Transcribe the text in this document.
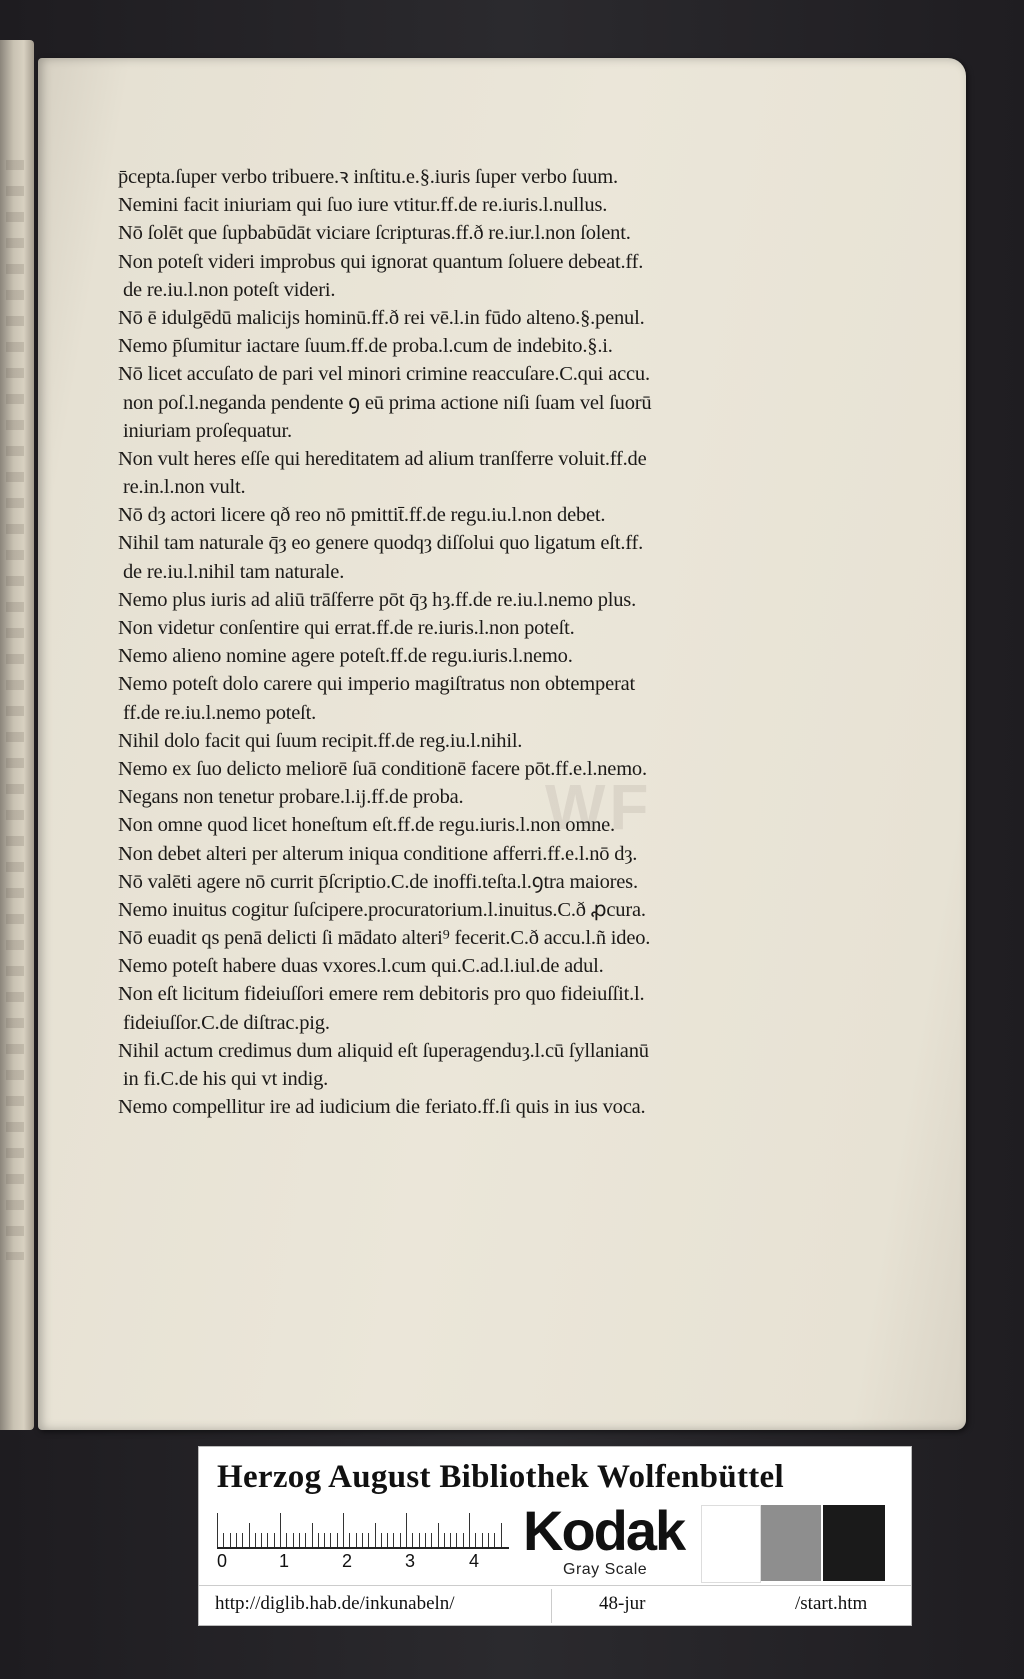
WF
p̄cepta.ſuper verbo tribuere.ꝛ inſtitu.e.§.iuris ſuper verbo ſuum.
Nemini facit iniuriam qui ſuo iure vtitur.ff.de re.iuris.l.nullus.
Nō ſolēt que ſupbabūdāt viciare ſcripturas.ff.ð re.iur.l.non ſolent.
Non poteſt videri improbus qui ignorat quantum ſoluere debeat.ff.
de re.iu.l.non poteſt videri.
Nō ē idulgēdū malicijs hominū.ff.ð rei vē.l.in fūdo alteno.§.penul.
Nemo p̄ſumitur iactare ſuum.ff.de proba.l.cum de indebito.§.i.
Nō licet accuſato de pari vel minori crimine reaccuſare.C.qui accu.
non poſ.l.neganda pendente ꝯ eū prima actione niſi ſuam vel ſuorū
iniuriam proſequatur.
Non vult heres eſſe qui hereditatem ad alium tranſferre voluit.ff.de
re.in.l.non vult.
Nō dȝ actori licere qð reo nō pmittit̄.ff.de regu.iu.l.non debet.
Nihil tam naturale q̄ȝ eo genere quodqȝ diſſolui quo ligatum eſt.ff.
de re.iu.l.nihil tam naturale.
Nemo plus iuris ad aliū trāſferre pōt q̄ȝ hȝ.ff.de re.iu.l.nemo plus.
Non videtur conſentire qui errat.ff.de re.iuris.l.non poteſt.
Nemo alieno nomine agere poteſt.ff.de regu.iuris.l.nemo.
Nemo poteſt dolo carere qui imperio magiſtratus non obtemperat
ff.de re.iu.l.nemo poteſt.
Nihil dolo facit qui ſuum recipit.ff.de reg.iu.l.nihil.
Nemo ex ſuo delicto meliorē ſuā conditionē facere pōt.ff.e.l.nemo.
Negans non tenetur probare.l.ij.ff.de proba.
Non omne quod licet honeſtum eſt.ff.de regu.iuris.l.non omne.
Non debet alteri per alterum iniqua conditione afferri.ff.e.l.nō dȝ.
Nō valēti agere nō currit p̄ſcriptio.C.de inoffi.teſta.l.ꝯtra maiores.
Nemo inuitus cogitur ſuſcipere.procuratorium.l.inuitus.C.ð ꝓcura.
Nō euadit qs penā delicti ſi mādato alteri⁹ fecerit.C.ð accu.l.ñ ideo.
Nemo poteſt habere duas vxores.l.cum qui.C.ad.l.iul.de adul.
Non eſt licitum fideiuſſori emere rem debitoris pro quo fideiuſſit.l.
fideiuſſor.C.de diſtrac.pig.
Nihil actum credimus dum aliquid eſt ſuperagenduȝ.l.cū ſyllanianū
in fi.C.de his qui vt indig.
Nemo compellitur ire ad iudicium die feriato.ff.ſi quis in ius voca.
Herzog August Bibliothek Wolfenbüttel
0	1	2	3	4 Kodak
Gray Scale
http://diglib.hab.de/inkunabeln/	48-jur	/start.htm
